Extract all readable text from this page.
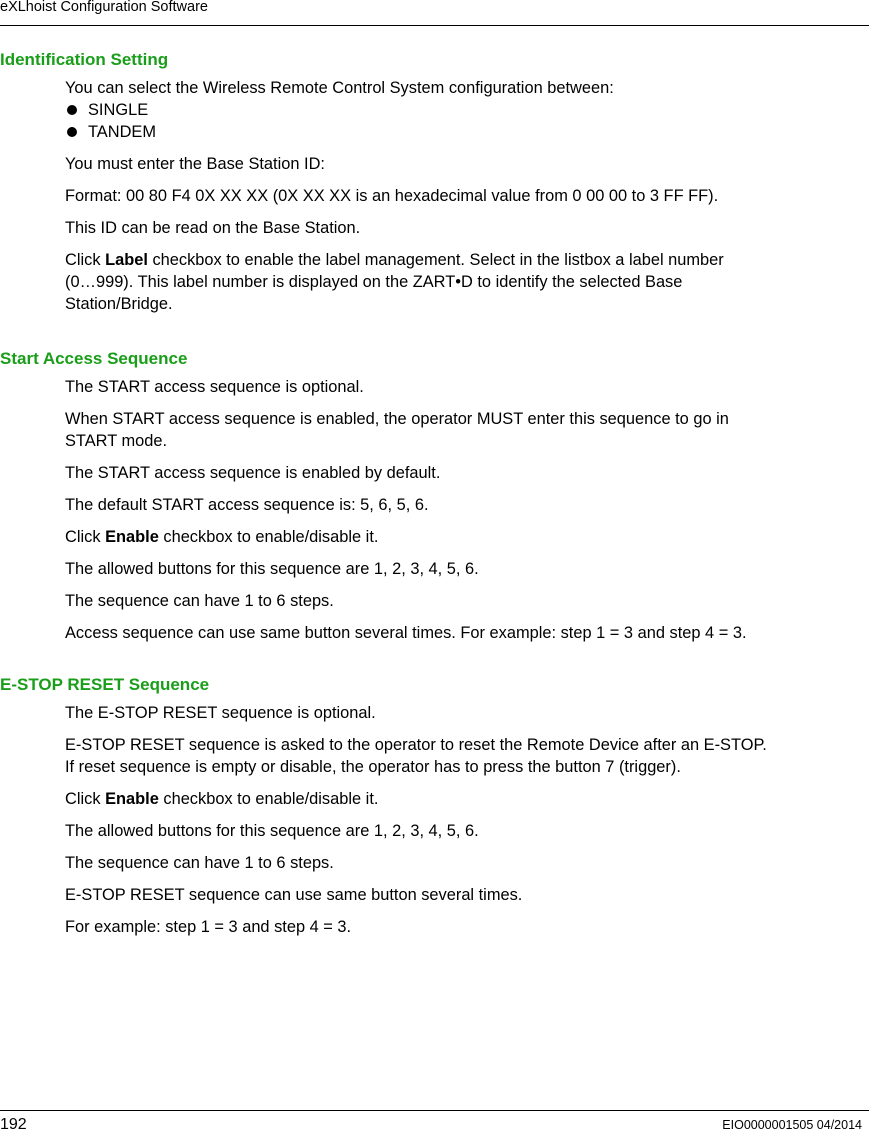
eXLhoist Configuration Software
Identification Setting

You can select the Wireless Remote Control System configuration between:

SINGLE
TANDEM

You must enter the Base Station ID:

Format: 00 80 F4 0X XX XX (0X XX XX is an hexadecimal value from 0 00 00 to 3 FF FF).

This ID can be read on the Base Station.

Click Label checkbox to enable the label management. Select in the listbox a label number

(0…999). This label number is displayed on the ZART•D to identify the selected Base

Station/Bridge.

Start Access Sequence

The START access sequence is optional.

When START access sequence is enabled, the operator MUST enter this sequence to go in

START mode.

The START access sequence is enabled by default.

The default START access sequence is: 5, 6, 5, 6.

Click Enable checkbox to enable/disable it.

The allowed buttons for this sequence are 1, 2, 3, 4, 5, 6.

The sequence can have 1 to 6 steps.

Access sequence can use same button several times. For example: step 1 = 3 and step 4 = 3.

E-STOP RESET Sequence

The E-STOP RESET sequence is optional.

E-STOP RESET sequence is asked to the operator to reset the Remote Device after an E-STOP.

If reset sequence is empty or disable, the operator has to press the button 7 (trigger).

Click Enable checkbox to enable/disable it.

The allowed buttons for this sequence are 1, 2, 3, 4, 5, 6.

The sequence can have 1 to 6 steps.

E-STOP RESET sequence can use same button several times.

For example: step 1 = 3 and step 4 = 3.

192	EIO0000001505 04/2014
